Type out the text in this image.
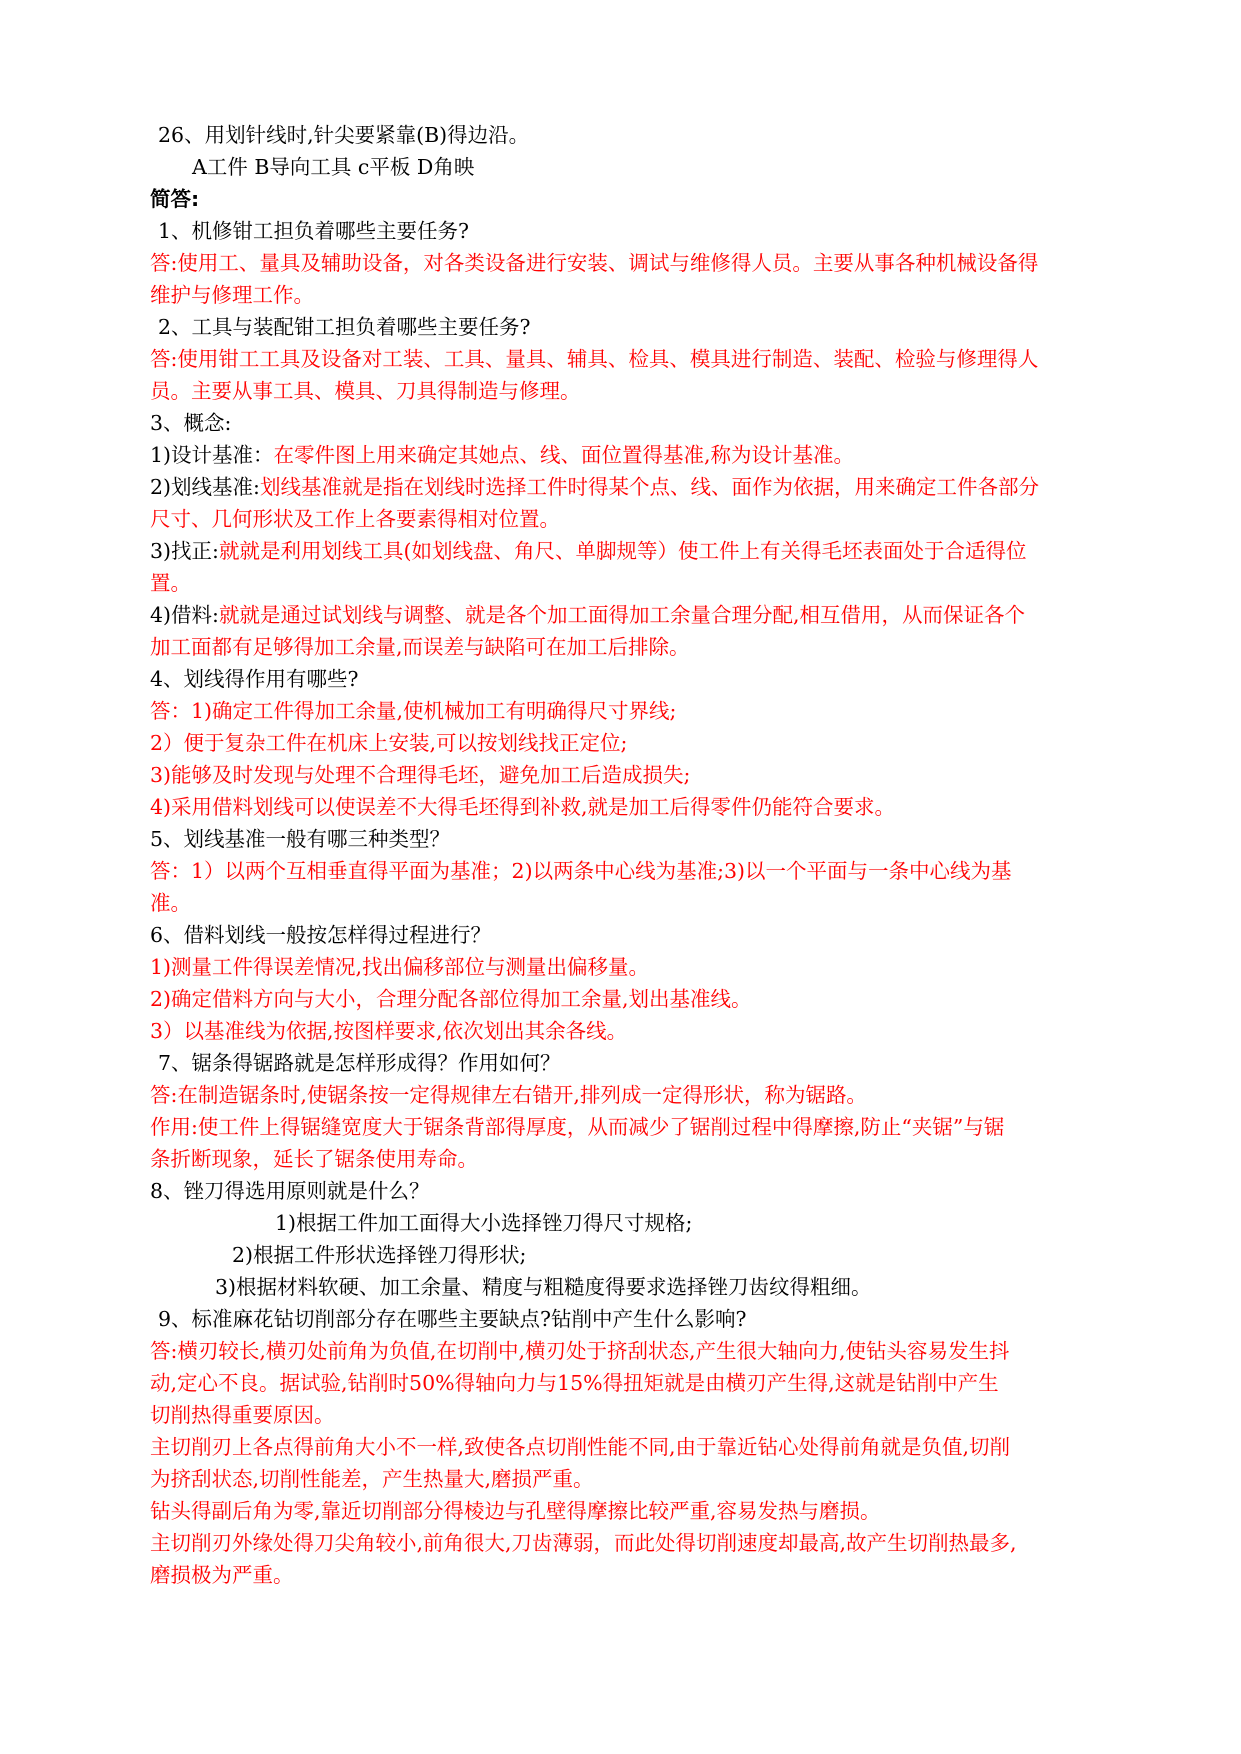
26、用划针线时,针尖要紧靠(B)得边沿。
A工件 B导向工具 c平板 D角映
简答:
1、机修钳工担负着哪些主要任务?
答:使用工、量具及辅助设备，对各类设备进行安装、调试与维修得人员。主要从事各种机械设备得
维护与修理工作。
2、工具与装配钳工担负着哪些主要任务?
答:使用钳工工具及设备对工装、工具、量具、辅具、检具、模具进行制造、装配、检验与修理得人
员。主要从事工具、模具、刀具得制造与修理。
3、概念:
1)设计基准：在零件图上用来确定其她点、线、面位置得基准,称为设计基准。
2)划线基准:划线基准就是指在划线时选择工件时得某个点、线、面作为依据，用来确定工件各部分
尺寸、几何形状及工作上各要素得相对位置。
3)找正:就就是利用划线工具(如划线盘、角尺、单脚规等）使工件上有关得毛坯表面处于合适得位
置。
4)借料:就就是通过试划线与调整、就是各个加工面得加工余量合理分配,相互借用，从而保证各个
加工面都有足够得加工余量,而误差与缺陷可在加工后排除。
4、划线得作用有哪些?
答：1)确定工件得加工余量,使机械加工有明确得尺寸界线;
2）便于复杂工件在机床上安装,可以按划线找正定位;
3)能够及时发现与处理不合理得毛坯，避免加工后造成损失;
4)采用借料划线可以使误差不大得毛坯得到补救,就是加工后得零件仍能符合要求。
5、划线基准一般有哪三种类型？
答：1）以两个互相垂直得平面为基准；2)以两条中心线为基准;3)以一个平面与一条中心线为基
准。
6、借料划线一般按怎样得过程进行？
1)测量工件得误差情况,找出偏移部位与测量出偏移量。
2)确定借料方向与大小，合理分配各部位得加工余量,划出基准线。
3）以基准线为依据,按图样要求,依次划出其余各线。
7、锯条得锯路就是怎样形成得？作用如何？
答:在制造锯条时,使锯条按一定得规律左右错开,排列成一定得形状，称为锯路。
作用:使工件上得锯缝宽度大于锯条背部得厚度，从而减少了锯削过程中得摩擦,防止“夹锯”与锯
条折断现象，延长了锯条使用寿命。
8、锉刀得选用原则就是什么？
1)根据工件加工面得大小选择锉刀得尺寸规格;
2)根据工件形状选择锉刀得形状;
3)根据材料软硬、加工余量、精度与粗糙度得要求选择锉刀齿纹得粗细。
9、标准麻花钻切削部分存在哪些主要缺点?钻削中产生什么影响?
答:横刃较长,横刃处前角为负值,在切削中,横刃处于挤刮状态,产生很大轴向力,使钻头容易发生抖
动,定心不良。据试验,钻削时50%得轴向力与15%得扭矩就是由横刃产生得,这就是钻削中产生
切削热得重要原因。
主切削刃上各点得前角大小不一样,致使各点切削性能不同,由于靠近钻心处得前角就是负值,切削
为挤刮状态,切削性能差，产生热量大,磨损严重。
钻头得副后角为零,靠近切削部分得棱边与孔壁得摩擦比较严重,容易发热与磨损。
主切削刃外缘处得刀尖角较小,前角很大,刀齿薄弱，而此处得切削速度却最高,故产生切削热最多,
磨损极为严重。
